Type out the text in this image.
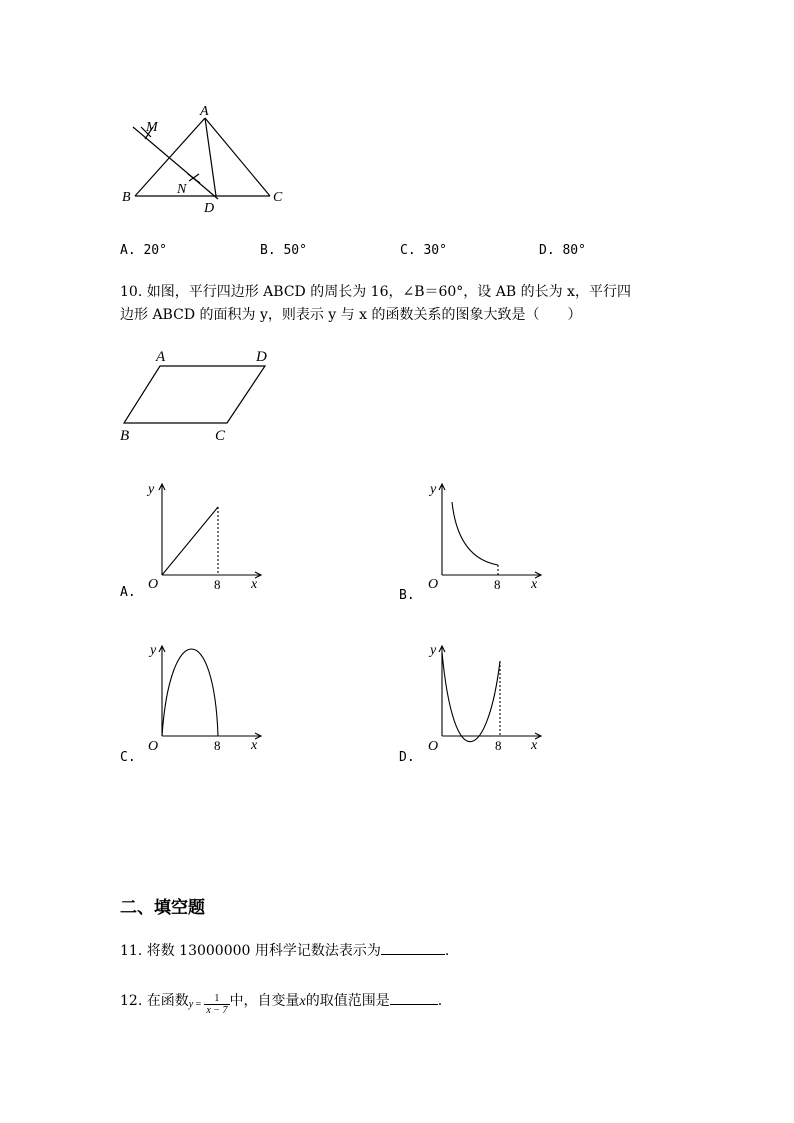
A
M
N
B
D
C
A. 20°	B. 50°	C. 30°	D. 80°
10. 如图，平行四边形 ABCD 的周长为 16，∠B＝60°，设 AB 的长为 x，平行四
边形 ABCD 的面积为 y，则表示 y 与 x 的函数关系的图象大致是（　　）
A	D
B	C
y
O	8 x
A.
y
O	8 x
B.
y
O	8 x
C.
y
O	8 x
D.
二、填空题
11. 将数 13000000 用科学记数法表示为	.
12. 在函数$y = \frac{1}{x - 7}$ 中，自变量x的取值范围是	.
